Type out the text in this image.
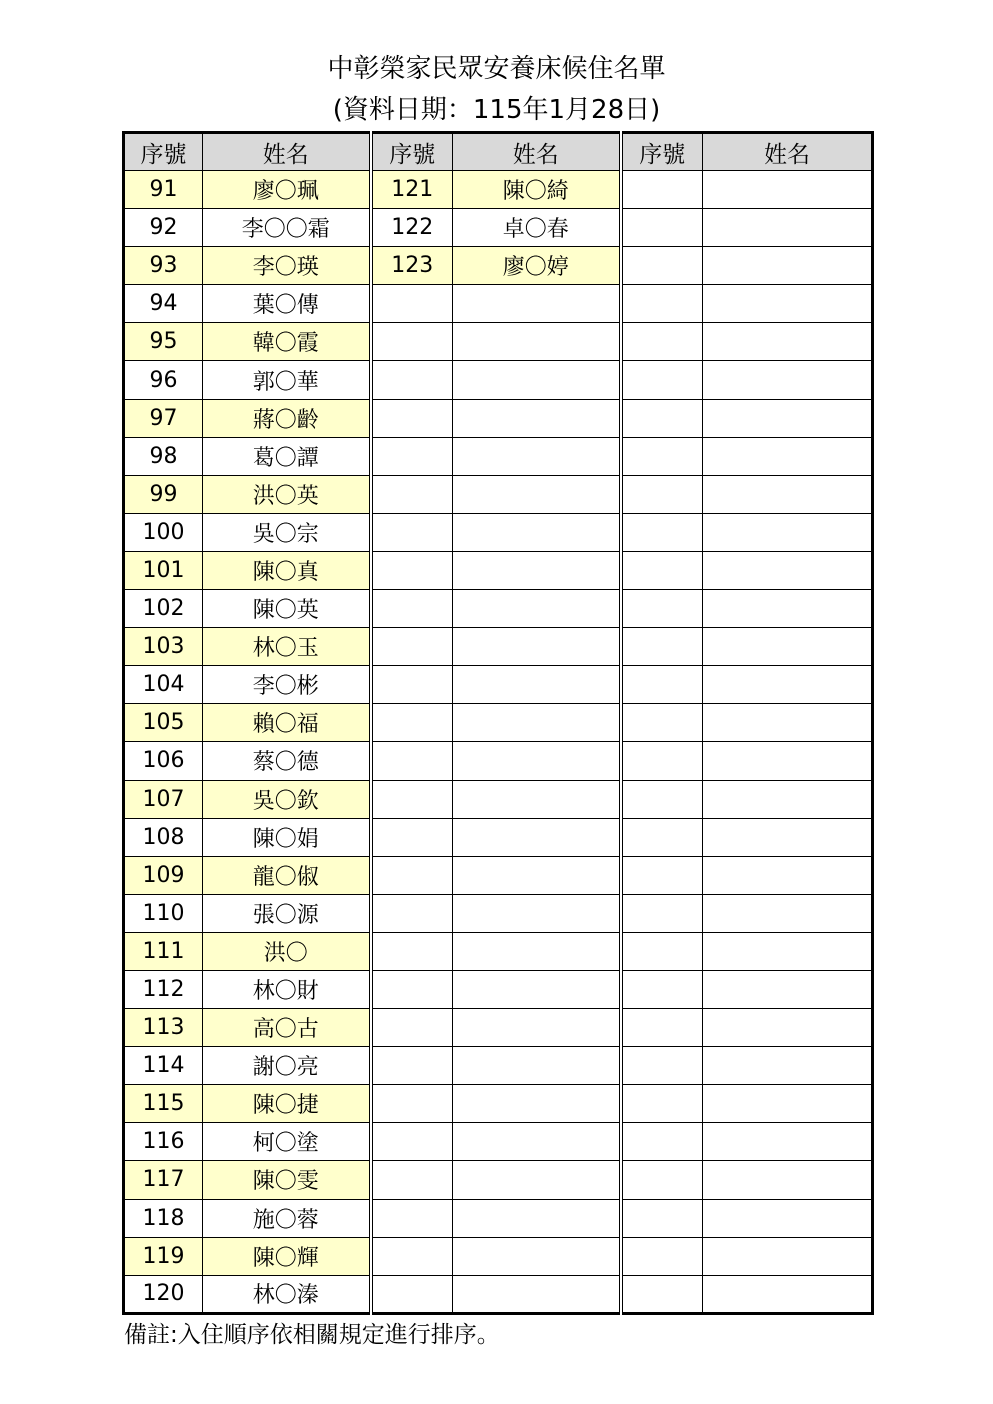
中彰榮家民眾安養床候住名單
(資料日期：115年1月28日)
序號	姓名	序號	姓名	序號	姓名
91	廖〇珮	121	陳〇綺		
92	李〇〇霜	122	卓〇春		
93	李〇瑛	123	廖〇婷		
94	葉〇傳				
95	韓〇霞				
96	郭〇華				
97	蔣〇齡				
98	葛〇譚				
99	洪〇英				
100	吳〇宗				
101	陳〇真				
102	陳〇英				
103	林〇玉				
104	李〇彬				
105	賴〇福				
106	蔡〇德				
107	吳〇欽				
108	陳〇娟				
109	龍〇俶				
110	張〇源				
111	洪〇				
112	林〇財				
113	高〇古				
114	謝〇亮				
115	陳〇捷				
116	柯〇塗				
117	陳〇雯				
118	施〇蓉				
119	陳〇輝				
120	林〇溱				
備註:入住順序依相關規定進行排序。
